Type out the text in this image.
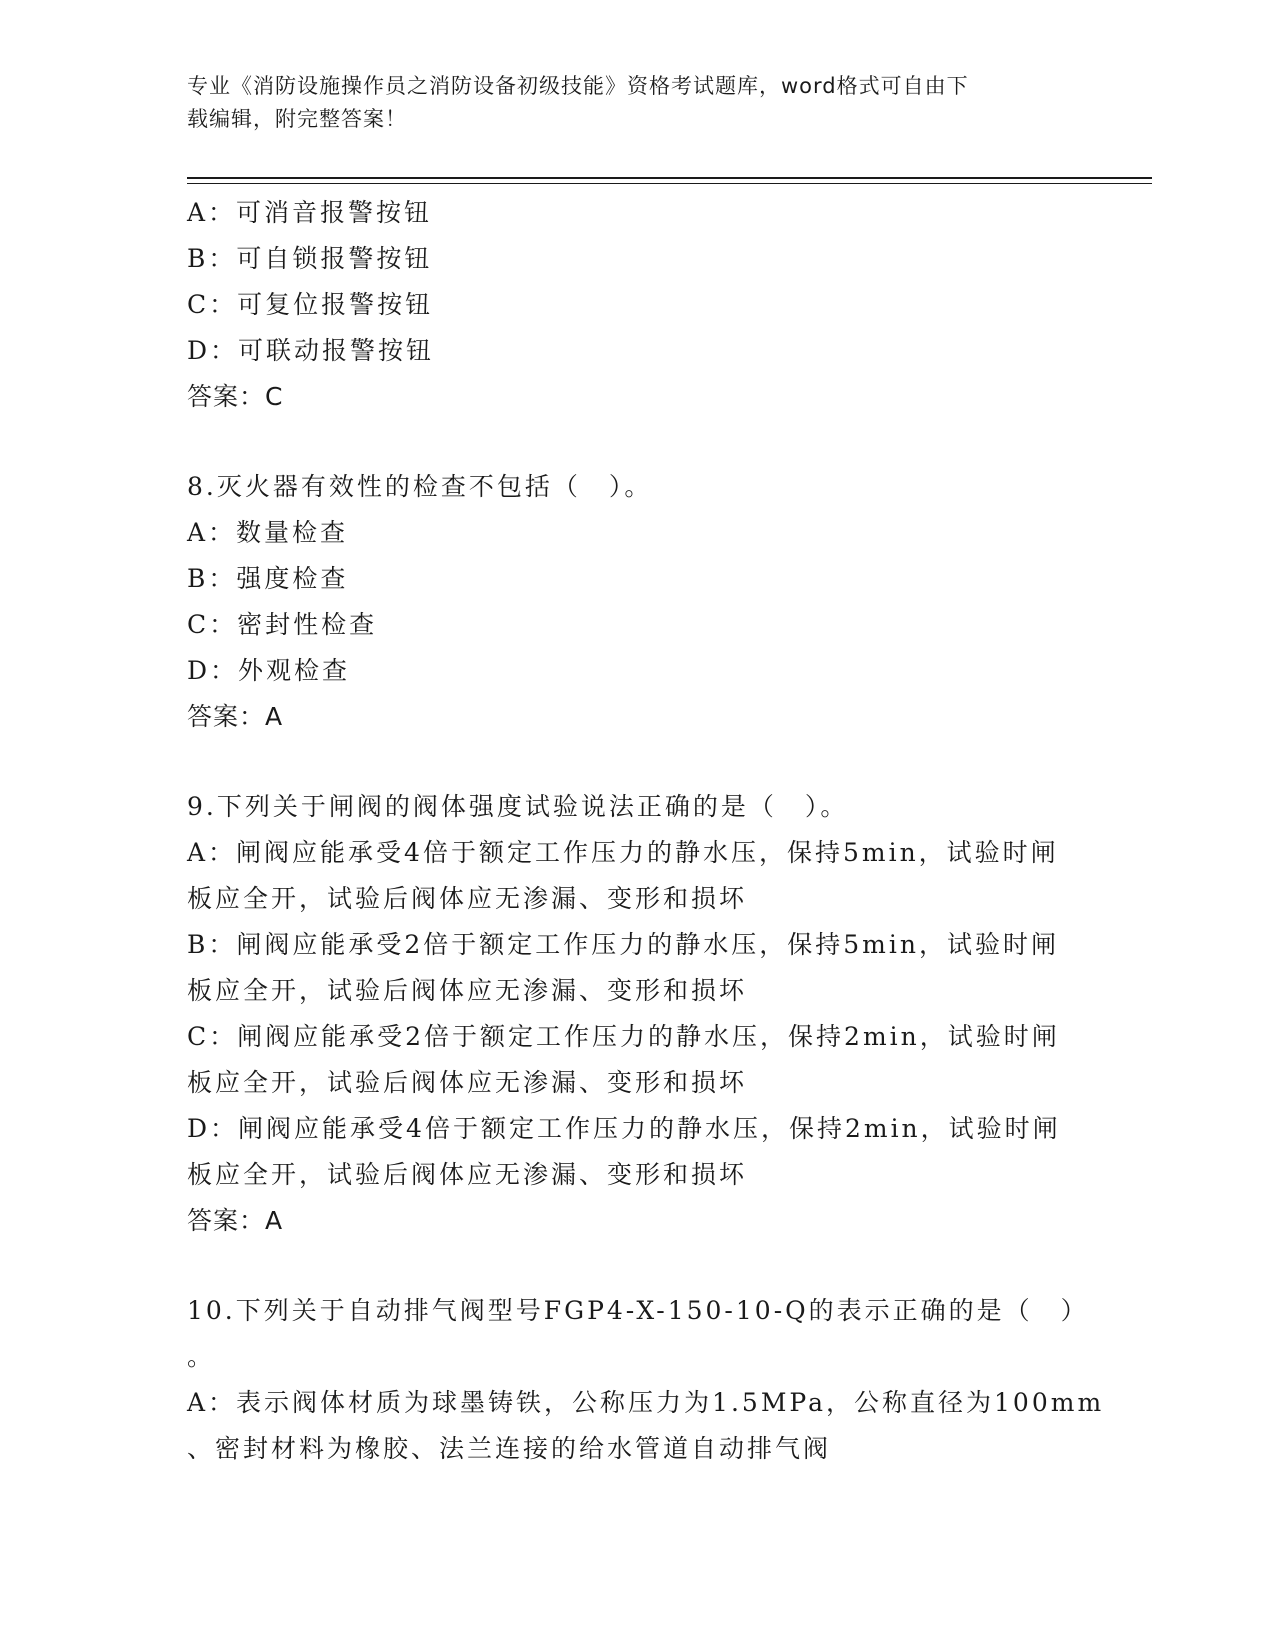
专业《消防设施操作员之消防设备初级技能》资格考试题库，word格式可自由下
载编辑，附完整答案！
A：可消音报警按钮
B：可自锁报警按钮
C：可复位报警按钮
D：可联动报警按钮
答案：C
8.灭火器有效性的检查不包括（　）。
A：数量检查
B：强度检查
C：密封性检查
D：外观检查
答案：A
9.下列关于闸阀的阀体强度试验说法正确的是（　）。
A：闸阀应能承受4倍于额定工作压力的静水压，保持5min，试验时闸
板应全开，试验后阀体应无渗漏、变形和损坏
B：闸阀应能承受2倍于额定工作压力的静水压，保持5min，试验时闸
板应全开，试验后阀体应无渗漏、变形和损坏
C：闸阀应能承受2倍于额定工作压力的静水压，保持2min，试验时闸
板应全开，试验后阀体应无渗漏、变形和损坏
D：闸阀应能承受4倍于额定工作压力的静水压，保持2min，试验时闸
板应全开，试验后阀体应无渗漏、变形和损坏
答案：A
10.下列关于自动排气阀型号FGP4-X-150-10-Q的表示正确的是（　）
。
A：表示阀体材质为球墨铸铁，公称压力为1.5MPa，公称直径为100mm
、密封材料为橡胶、法兰连接的给水管道自动排气阀
